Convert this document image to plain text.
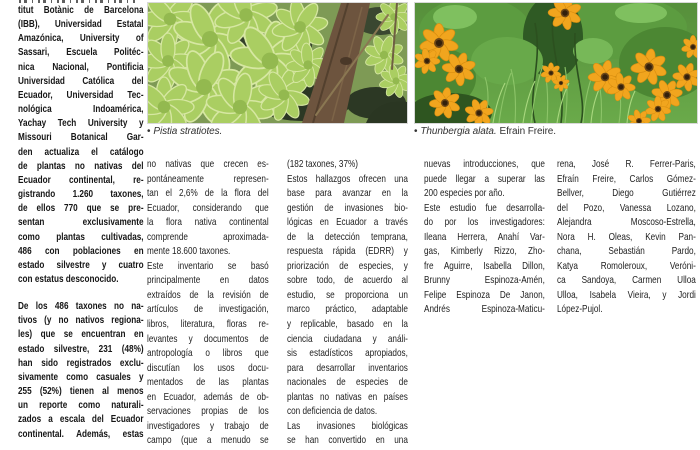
titut Botànic de Barcelona
(IBB), Universidad Estatal
Amazónica, University of
Sassari, Escuela Politéc-
nica Nacional, Pontificia
Universidad Católica del
Ecuador, Universidad Tec-
nológica Indoamérica,
Yachay Tech University y
Missouri Botanical Gar-
den actualiza el catálogo
de plantas no nativas del
Ecuador continental, re-
gistrando 1.260 taxones,
de ellos 770 que se pre-
sentan exclusivamente
como plantas cultivadas,
486 con poblaciones en
estado silvestre y cuatro
con estatus desconocido.
De los 486 taxones no na-
tivos (y no nativos regiona-
les) que se encuentran en
estado silvestre, 231 (48%)
han sido registrados exclu-
sivamente como casuales y
255 (52%) tienen al menos
un reporte como naturali-
zados a escala del Ecuador
continental. Además, estas
• Pistia stratiotes.	• Thunbergia alata. Efrain Freire.
no nativas que crecen es-
pontáneamente represen-
tan el 2,6% de la flora del
Ecuador, considerando que
la flora nativa continental
comprende aproximada-
mente 18.600 taxones.
Este inventario se basó
principalmente en datos
extraídos de la revisión de
artículos de investigación,
libros, literatura, floras re-
levantes y documentos de
antropología o libros que
discutían los usos docu-
mentados de las plantas
en Ecuador, además de ob-
servaciones propias de los
investigadores y trabajo de
campo (que a menudo se
(182 taxones, 37%)
Estos hallazgos ofrecen una
base para avanzar en la
gestión de invasiones bio-
lógicas en Ecuador a través
de la detección temprana,
respuesta rápida (EDRR) y
priorización de especies, y
sobre todo, de acuerdo al
estudio, se proporciona un
marco práctico, adaptable
y replicable, basado en la
ciencia ciudadana y análi-
sis estadísticos apropiados,
para desarrollar inventarios
nacionales de especies de
plantas no nativas en países
con deficiencia de datos.
Las invasiones biológicas
se han convertido en una
nuevas introducciones, que
puede llegar a superar las
200 especies por año.
Este estudio fue desarrolla-
do por los investigadores:
Ileana Herrera, Anahí Var-
gas, Kimberly Rizzo, Zho-
fre Aguirre, Isabella Dillon,
Brunny Espinoza-Amén,
Felipe Espinoza De Janon,
Andrés Espinoza-Maticu-
rena, José R. Ferrer-Paris,
Efraín Freire, Carlos Gómez-
Bellver, Diego Gutiérrez
del Pozo, Vanessa Lozano,
Alejandra Moscoso-Estrella,
Nora H. Oleas, Kevin Pan-
chana, Sebastián Pardo,
Katya Romoleroux, Veróni-
ca Sandoya, Carmen Ulloa
Ulloa, Isabela Vieira, y Jordi
López-Pujol.
